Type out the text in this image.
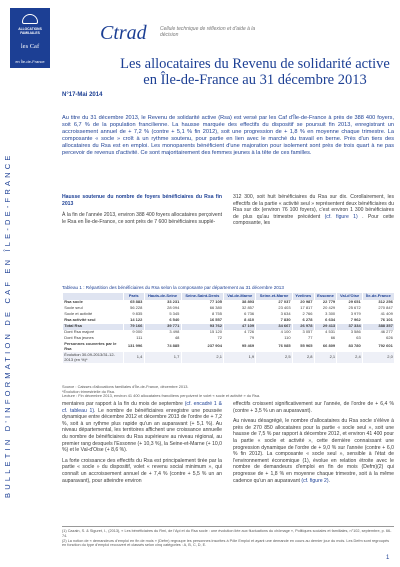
ALLOCATIONS FAMILIALES
les Caf
en Île-de-France
BULLETIN D'INFORMATION DE CAF EN ÎLE-DE-FRANCE
N°17-Mai 2014
Ctrad	Cellule technique de réflexion et d'aide à la décision
Les allocataires du Revenu de solidarité active en Île-de-France au 31 décembre 2013
Au titre du 31 décembre 2013, le Revenu de solidarité active (Rsa) est versé par les Caf d'Île-de-France à près de 388 400 foyers, soit 6,7 % de la population francilienne. La hausse marquée des effectifs du dispositif se poursuit fin 2013, enregistrant un accroissement annuel de + 7,2 % (contre + 5,1 % fin 2012), soit une progression de + 1,8 % en moyenne chaque trimestre. La composante « socle » croît à un rythme soutenu, pour partie en lien avec le marché du travail en berne. Près d'un tiers des allocataires du Rsa est en emploi. Les monoparents bénéficient d'une majoration pour isolement sont près de trois quart à ne pas percevoir de revenus d'activité. Ce sont majoritairement des femmes jeunes à la tête de ces familles.
Hausse soutenue du nombre de foyers bénéficiaires du Rsa fin 2013
À la fin de l'année 2013, environ 388 400 foyers allocataires perçoivent le Rsa en Île-de-France, ce sont près de 7 600 bénéficiaires supplé-
312 300, soit huit bénéficiaires du Rsa sur dix. Corollairement, les effectifs de la partie « activité seul » représentent deux bénéficiaires du Rsa sur dix (environ 76 100 foyers), c'est environ 1 300 bénéficiaires de plus qu'au trimestre précédent (cf. figure 1) . Pour cette composante, les
Tableau 1 : Répartition des bénéficiaires du Rsa selon la composante par département au 31 décembre 2013
	Paris	Hauts-de-Seine	Seine-Saint-Denis	Val-de-Marne	Seine-et-Marne	Yvelines	Essonne	Val-d'Oise	Île-de-France
Rsa socle	65 883	33 231	77 105	38 893	27 037	20 987	22 779	29 651	312 256
Socle seul	56 228	28 094	66 380	32 857	23 403	17 817	20 429	25 672	270 847
Socle et activité	9 835	5 345	8 755	6 736	3 634	2 766	3 300	3 979	41 409
Rsa activité seul	14 122	6 540	16 557	8 410	7 830	6 278	6 634	7 962	76 101
Total Rsa	79 166	39 771	93 762	47 109	34 667	26 978	29 413	37 334	388 357
Dont Rsa majoré	9 000	3 498	15 120	4 726	4 100	3 057	4 531	3 586	46 277
Dont Rsa jeunes	111	48	72	79	110	77	66	63	626
Personnes couvertes par le Rsa	131 996	74 885	237 904	95 469	76 085	55 965	66 809	83 780	792 601
Évolution 30-09-2013/31-12-2013 (en %)*	1,4	1,7	2,1	1,9	2,5	2,8	2,1	2,4	2,0
Source : Caisses d'allocations familiales d'Île-de-France, décembre 2013.
*Évolution trimestrielle du Rsa.
Lecture : Fin décembre 2013, environ 41 400 allocataires franciliens perçoivent le volet « socle et activité » du Rsa.

mentaires par rapport à la fin du mois de septembre (cf. encadré 1 & cf. tableau 1). Le nombre de bénéficiaires enregistre une poussée dynamique entre décembre 2012 et décembre 2013 de l'ordre de + 7,2 %, soit à un rythme plus rapide qu'un an auparavant (+ 5,1 %). Au niveau départemental, les territoires affichent une croissance annuelle du nombre de bénéficiaires du Rsa supérieure au niveau régional, au premier rang desquels l'Essonne (+ 10,3 %), la Seine-et-Marne (+ 10,0 %) et le Val-d'Oise (+ 8,6 %).

La forte croissance des effectifs du Rsa est principalement tirée par la partie « socle » du dispositif, volet « revenu social minimum », qui connaît un accroissement annuel de + 7,4 % (contre + 5,5 % un an auparavant), pour atteindre environ

effectifs croissent significativement sur l'année, de l'ordre de + 6,4 % (contre + 3,5 % un an auparavant).

Au niveau désagrégé, le nombre d'allocataires du Rsa socle s'élève à près de 270 850 allocataires pour la partie « socle seul », soit une hausse de 7,5 % par rapport à décembre 2012, et environ 41 400 pour la partie « socle et activité », cette dernière connaissant une progression dynamique de l'ordre de + 9,0 % sur l'année (contre + 6,0 % fin 2012). La composante « socle seul », sensible à l'état de l'environnement économique (1), évolue en relation étroite avec le nombre de demandeurs d'emploi en fin de mois (Defm)(2) qui progresse de + 1,8 % en moyenne chaque trimestre, soit à la même cadence qu'un an auparavant (cf. figure 2).

(1) Cazain, S. & Siguret, I., (2013), « Les bénéficiaires du Rmi, de l'Api et du Rsa socle : une évolution liée aux fluctuations du chômage », Politiques sociales et familiales, n°102, septembre, p. 66-74.
(2) La notion de « demandeurs d'emploi en fin de mois » (Defm) regroupe les personnes inscrites à Pôle Emploi et ayant une demande en cours au dernier jour du mois. Les Defm sont regroupés en fonction du type d'emploi recouvert et classés selon cinq catégories : A, B, C, D, E.
1
